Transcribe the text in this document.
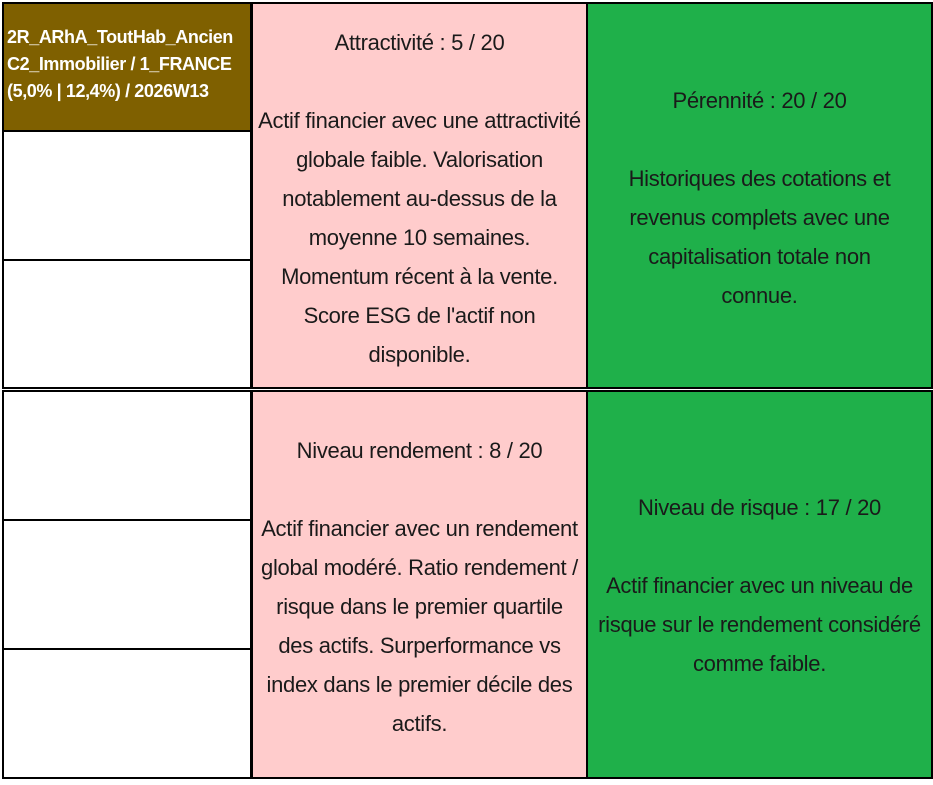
2R_ARhA_ToutHab_Ancien
C2_Immobilier / 1_FRANCE
(5,0% | 12,4%) / 2026W13
Attractivité : 5 / 20
Actif financier avec une attractivité globale faible. Valorisation notablement au-dessus de la moyenne 10 semaines. Momentum récent à la vente. Score ESG de l'actif non disponible.
Pérennité : 20 / 20
Historiques des cotations et revenus complets avec une capitalisation totale non connue.
Niveau rendement : 8 / 20
Actif financier avec un rendement global modéré. Ratio rendement / risque dans le premier quartile des actifs. Surperformance vs index dans le premier décile des actifs.
Niveau de risque : 17 / 20
Actif financier avec un niveau de risque sur le rendement considéré comme faible.
